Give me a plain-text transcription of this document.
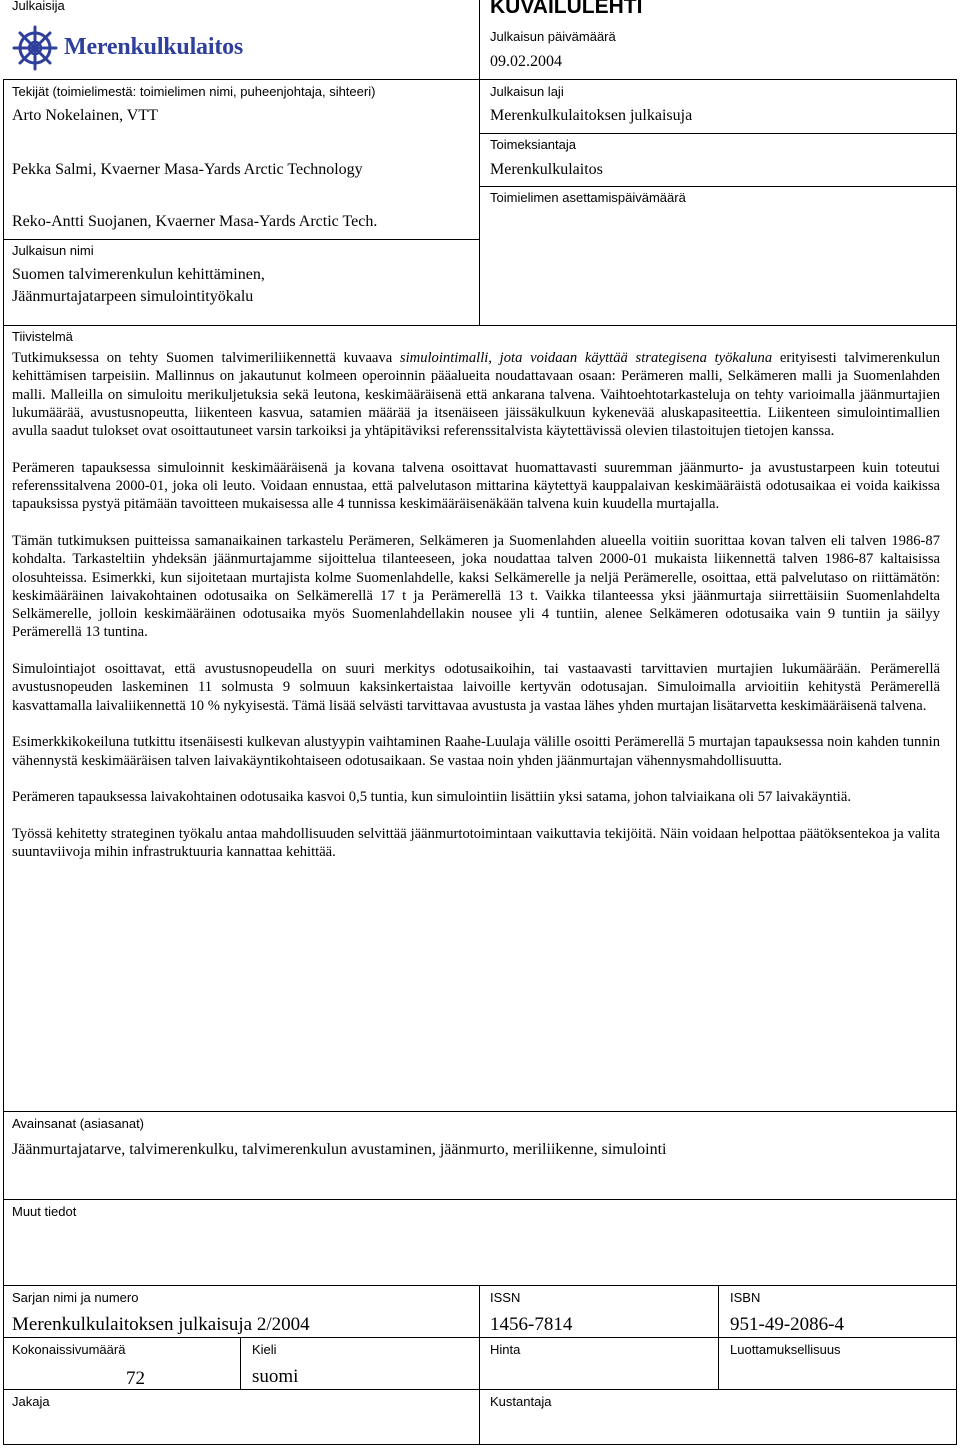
Julkaisija
Merenkulkulaitos
KUVAILULEHTI
Julkaisun päivämäärä
09.02.2004
Tekijät (toimielimestä: toimielimen nimi, puheenjohtaja, sihteeri)
Arto Nokelainen, VTT
Pekka Salmi, Kvaerner Masa-Yards Arctic Technology
Reko-Antti Suojanen, Kvaerner Masa-Yards Arctic Tech.
Julkaisun laji
Merenkulkulaitoksen julkaisuja
Toimeksiantaja
Merenkulkulaitos
Toimielimen asettamispäivämäärä
Julkaisun nimi
Suomen talvimerenkulun kehittäminen,
Jäänmurtajatarpeen simulointityökalu
Tiivistelmä

Tutkimuksessa on tehty Suomen talvimeriliikennettä kuvaava simulointimalli, jota voidaan käyttää strategisena työkaluna erityisesti talvimerenkulun kehittämisen tarpeisiin. Mallinnus on jakautunut kolmeen operoinnin pääalueita noudattavaan osaan: Perämeren malli, Selkämeren malli ja Suomenlahden malli. Malleilla on simuloitu merikuljetuksia sekä leutona, keskimääräisenä että ankarana talvena. Vaihtoehtotarkasteluja on tehty varioimalla jäänmurtajien lukumäärää, avustusnopeutta, liikenteen kasvua, satamien määrää ja itsenäiseen jäissäkulkuun kykenevää aluskapasiteettia. Liikenteen simulointimallien avulla saadut tulokset ovat osoittautuneet varsin tarkoiksi ja yhtäpitäviksi referenssitalvista käytettävissä olevien tilastoitujen tietojen kanssa.

Perämeren tapauksessa simuloinnit keskimääräisenä ja kovana talvena osoittavat huomattavasti suuremman jäänmurto- ja avustustarpeen kuin toteutui referenssitalvena 2000-01, joka oli leuto. Voidaan ennustaa, että palvelutason mittarina käytettyä kauppalaivan keskimääräistä odotusaikaa ei voida kaikissa tapauksissa pystyä pitämään tavoitteen mukaisessa alle 4 tunnissa keskimääräisenäkään talvena kuin kuudella murtajalla.

Tämän tutkimuksen puitteissa samanaikainen tarkastelu Perämeren, Selkämeren ja Suomenlahden alueella voitiin suorittaa kovan talven eli talven 1986-87 kohdalta. Tarkasteltiin yhdeksän jäänmurtajamme sijoittelua tilanteeseen, joka noudattaa talven 2000-01 mukaista liikennettä talven 1986-87 kaltaisissa olosuhteissa. Esimerkki, kun sijoitetaan murtajista kolme Suomenlahdelle, kaksi Selkämerelle ja neljä Perämerelle, osoittaa, että palvelutaso on riittämätön: keskimääräinen laivakohtainen odotusaika on Selkämerellä 17 t ja Perämerellä 13 t. Vaikka tilanteessa yksi jäänmurtaja siirrettäisiin Suomenlahdelta Selkämerelle, jolloin keskimääräinen odotusaika myös Suomenlahdellakin nousee yli 4 tuntiin, alenee Selkämeren odotusaika vain 9 tuntiin ja säilyy Perämerellä 13 tuntina.

Simulointiajot osoittavat, että avustusnopeudella on suuri merkitys odotusaikoihin, tai vastaavasti tarvittavien murtajien lukumäärään. Perämerellä avustusnopeuden laskeminen 11 solmusta 9 solmuun kaksinkertaistaa laivoille kertyvän odotusajan. Simuloimalla arvioitiin kehitystä Perämerellä kasvattamalla laivaliikennettä 10 % nykyisestä. Tämä lisää selvästi tarvittavaa avustusta ja vastaa lähes yhden murtajan lisätarvetta keskimääräisenä talvena.

Esimerkkikokeiluna tutkittu itsenäisesti kulkevan alustyypin vaihtaminen Raahe-Luulaja välille osoitti Perämerellä 5 murtajan tapauksessa noin kahden tunnin vähennystä keskimääräisen talven laivakäyntikohtaiseen odotusaikaan. Se vastaa noin yhden jäänmurtajan vähennysmahdollisuutta.

Perämeren tapauksessa laivakohtainen odotusaika kasvoi 0,5 tuntia, kun simulointiin lisättiin yksi satama, johon talviaikana oli 57 laivakäyntiä.

Työssä kehitetty strateginen työkalu antaa mahdollisuuden selvittää jäänmurtotoimintaan vaikuttavia tekijöitä. Näin voidaan helpottaa päätöksentekoa ja valita suuntaviivoja mihin infrastruktuuria kannattaa kehittää.

Avainsanat (asiasanat)
Jäänmurtajatarve, talvimerenkulku, talvimerenkulun avustaminen, jäänmurto, meriliikenne, simulointi
Muut tiedot
Sarjan nimi ja numero
Merenkulkulaitoksen julkaisuja 2/2004
ISSN
1456-7814
ISBN
951-49-2086-4
Kokonaissivumäärä
72
Kieli
suomi
Hinta	Luottamuksellisuus
Jakaja	Kustantaja
